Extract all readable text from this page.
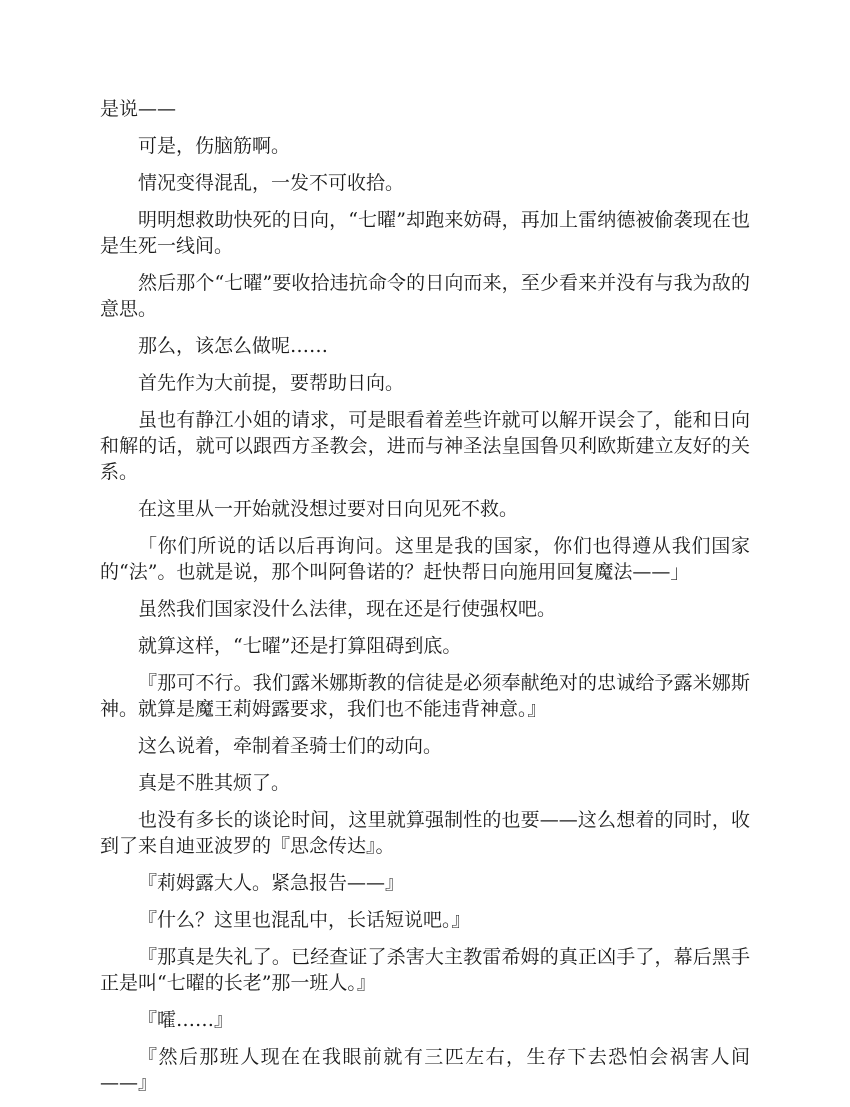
是说——

可是，伤脑筋啊。

情况变得混乱，一发不可收拾。

明明想救助快死的日向，“七曜”却跑来妨碍，再加上雷纳德被偷袭现在也是生死一线间。

然后那个“七曜”要收拾违抗命令的日向而来，至少看来并没有与我为敌的意思。

那么，该怎么做呢……

首先作为大前提，要帮助日向。

虽也有静江小姐的请求，可是眼看着差些许就可以解开误会了，能和日向和解的话，就可以跟西方圣教会，进而与神圣法皇国鲁贝利欧斯建立友好的关系。

在这里从一开始就没想过要对日向见死不救。

「你们所说的话以后再询问。这里是我的国家，你们也得遵从我们国家的“法”。也就是说，那个叫阿鲁诺的？赶快帮日向施用回复魔法——」

虽然我们国家没什么法律，现在还是行使强权吧。

就算这样，“七曜”还是打算阻碍到底。

『那可不行。我们露米娜斯教的信徒是必须奉献绝对的忠诚给予露米娜斯神。就算是魔王莉姆露要求，我们也不能违背神意。』

这么说着，牵制着圣骑士们的动向。

真是不胜其烦了。

也没有多长的谈论时间，这里就算强制性的也要——这么想着的同时，收到了来自迪亚波罗的『思念传达』。

『莉姆露大人。紧急报告——』

『什么？这里也混乱中，长话短说吧。』

『那真是失礼了。已经查证了杀害大主教雷希姆的真正凶手了，幕后黑手正是叫“七曜的长老”那一班人。』

『嚯……』

『然后那班人现在在我眼前就有三匹左右，生存下去恐怕会祸害人间——』
